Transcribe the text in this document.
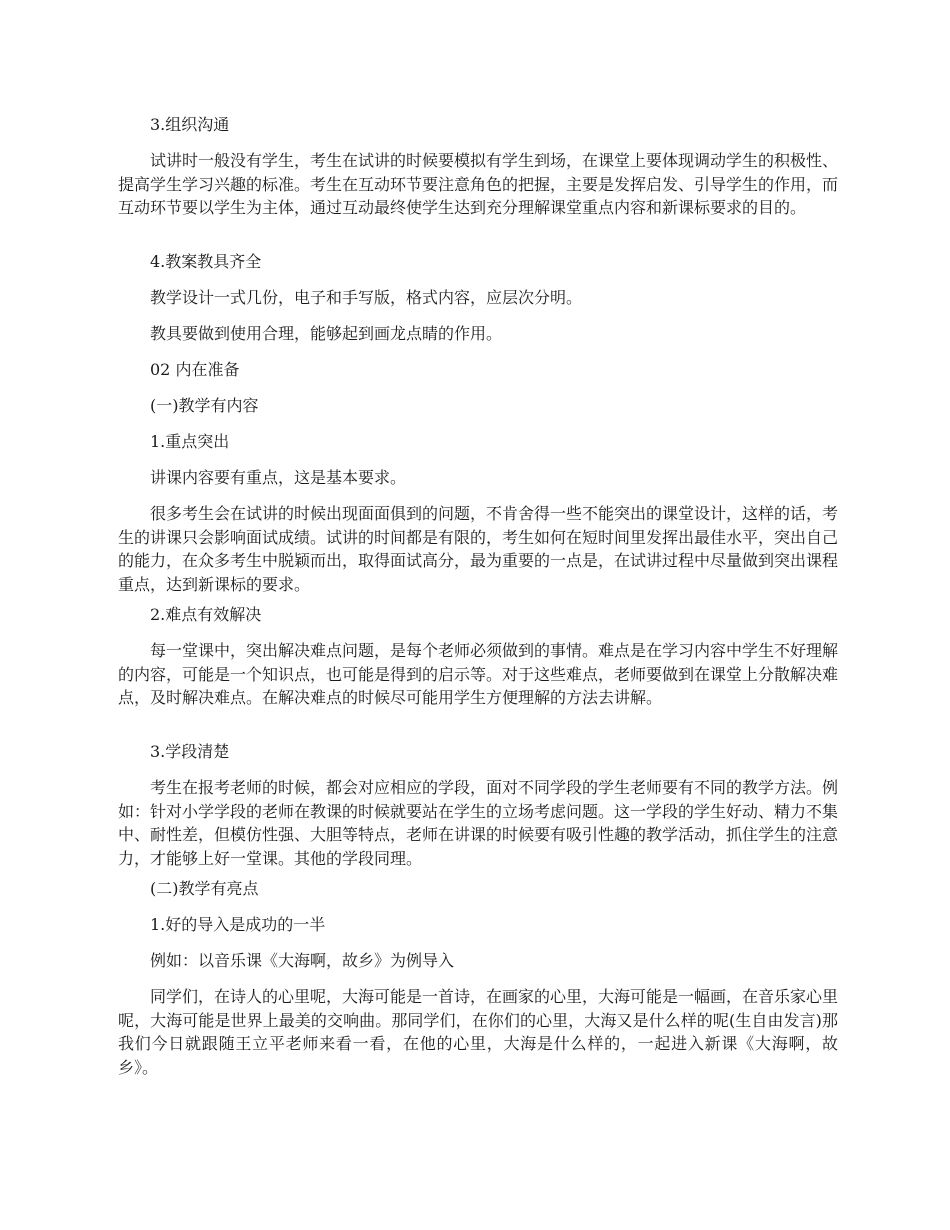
3.组织沟通

试讲时一般没有学生，考生在试讲的时候要模拟有学生到场，在课堂上要体现调动学生的积极性、提高学生学习兴趣的标准。考生在互动环节要注意角色的把握，主要是发挥启发、引导学生的作用，而互动环节要以学生为主体，通过互动最终使学生达到充分理解课堂重点内容和新课标要求的目的。

4.教案教具齐全

教学设计一式几份，电子和手写版，格式内容，应层次分明。

教具要做到使用合理，能够起到画龙点睛的作用。

02 内在准备

(一)教学有内容

1.重点突出

讲课内容要有重点，这是基本要求。

很多考生会在试讲的时候出现面面俱到的问题，不肯舍得一些不能突出的课堂设计，这样的话，考生的讲课只会影响面试成绩。试讲的时间都是有限的，考生如何在短时间里发挥出最佳水平，突出自己的能力，在众多考生中脱颖而出，取得面试高分，最为重要的一点是，在试讲过程中尽量做到突出课程重点，达到新课标的要求。

2.难点有效解决

每一堂课中，突出解决难点问题，是每个老师必须做到的事情。难点是在学习内容中学生不好理解的内容，可能是一个知识点，也可能是得到的启示等。对于这些难点，老师要做到在课堂上分散解决难点，及时解决难点。在解决难点的时候尽可能用学生方便理解的方法去讲解。

3.学段清楚

考生在报考老师的时候，都会对应相应的学段，面对不同学段的学生老师要有不同的教学方法。例如：针对小学学段的老师在教课的时候就要站在学生的立场考虑问题。这一学段的学生好动、精力不集中、耐性差，但模仿性强、大胆等特点，老师在讲课的时候要有吸引性趣的教学活动，抓住学生的注意力，才能够上好一堂课。其他的学段同理。

(二)教学有亮点

1.好的导入是成功的一半

例如：以音乐课《大海啊，故乡》为例导入

同学们，在诗人的心里呢，大海可能是一首诗，在画家的心里，大海可能是一幅画，在音乐家心里呢，大海可能是世界上最美的交响曲。那同学们，在你们的心里，大海又是什么样的呢(生自由发言)那我们今日就跟随王立平老师来看一看，在他的心里，大海是什么样的，一起进入新课《大海啊，故乡》。
